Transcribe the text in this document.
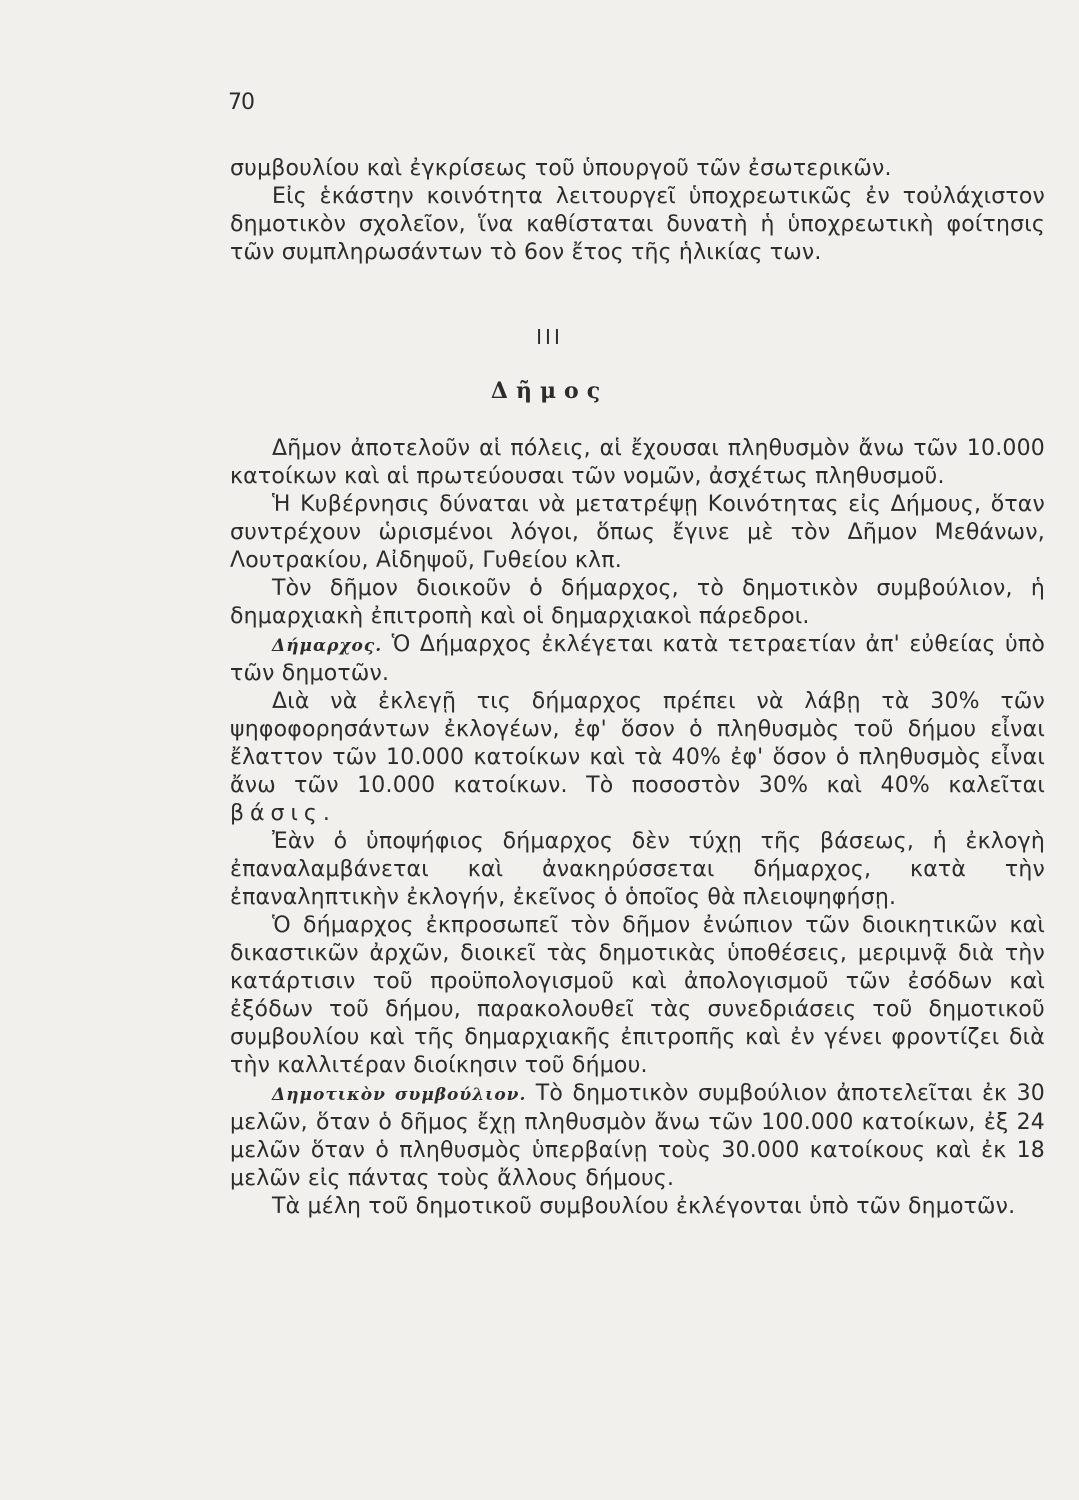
70

συμβουλίου καὶ ἐγκρίσεως τοῦ ὑπουργοῦ τῶν ἐσωτερικῶν.

Εἰς ἑκάστην κοινότητα λειτουργεῖ ὑποχρεωτικῶς ἐν τοὐλάχιστον δημοτικὸν σχολεῖον, ἵνα καθίσταται δυνατὴ ἡ ὑποχρεωτικὴ φοίτησις τῶν συμπληρωσάντων τὸ 6ον ἔτος τῆς ἡλικίας των.

ΙΙΙ
Δῆμος

Δῆμον ἀποτελοῦν αἱ πόλεις, αἱ ἔχουσαι πληθυσμὸν ἄνω τῶν 10.000 κατοίκων καὶ αἱ πρωτεύουσαι τῶν νομῶν, ἀσχέτως πληθυσμοῦ.

Ἡ Κυβέρνησις δύναται νὰ μετατρέψῃ Κοινότητας εἰς Δήμους, ὅταν συντρέχουν ὡρισμένοι λόγοι, ὅπως ἔγινε μὲ τὸν Δῆμον Μεθάνων, Λουτρακίου, Αἰδηψοῦ, Γυθείου κλπ.

Τὸν δῆμον διοικοῦν ὁ δήμαρχος, τὸ δημοτικὸν συμβούλιον, ἡ δημαρχιακὴ ἐπιτροπὴ καὶ οἱ δημαρχιακοὶ πάρεδροι.

Δήμαρχος. Ὁ Δήμαρχος ἐκλέγεται κατὰ τετραετίαν ἀπ' εὐθείας ὑπὸ τῶν δημοτῶν.

Διὰ νὰ ἐκλεγῇ τις δήμαρχος πρέπει νὰ λάβῃ τὰ 30% τῶν ψηφοφορησάντων ἐκλογέων, ἐφ' ὅσον ὁ πληθυσμὸς τοῦ δήμου εἶναι ἔλαττον τῶν 10.000 κατοίκων καὶ τὰ 40% ἐφ' ὅσον ὁ πληθυσμὸς εἶναι ἄνω τῶν 10.000 κατοίκων. Τὸ ποσοστὸν 30% καὶ 40% καλεῖται βάσις.

Ἐὰν ὁ ὑποψήφιος δήμαρχος δὲν τύχῃ τῆς βάσεως, ἡ ἐκλογὴ ἐπαναλαμβάνεται καὶ ἀνακηρύσσεται δήμαρχος, κατὰ τὴν ἐπαναληπτικὴν ἐκλογήν, ἐκεῖνος ὁ ὁποῖος θὰ πλειοψηφήσῃ.

Ὁ δήμαρχος ἐκπροσωπεῖ τὸν δῆμον ἐνώπιον τῶν διοικητικῶν καὶ δικαστικῶν ἀρχῶν, διοικεῖ τὰς δημοτικὰς ὑποθέσεις, μεριμνᾷ διὰ τὴν κατάρτισιν τοῦ προϋπολογισμοῦ καὶ ἀπολογισμοῦ τῶν ἐσόδων καὶ ἐξόδων τοῦ δήμου, παρακολουθεῖ τὰς συνεδριάσεις τοῦ δημοτικοῦ συμβουλίου καὶ τῆς δημαρχιακῆς ἐπιτροπῆς καὶ ἐν γένει φροντίζει διὰ τὴν καλλιτέραν διοίκησιν τοῦ δήμου.

Δημοτικὸν συμβούλιον. Τὸ δημοτικὸν συμβούλιον ἀποτελεῖται ἐκ 30 μελῶν, ὅταν ὁ δῆμος ἔχῃ πληθυσμὸν ἄνω τῶν 100.000 κατοίκων, ἐξ 24 μελῶν ὅταν ὁ πληθυσμὸς ὑπερβαίνῃ τοὺς 30.000 κατοίκους καὶ ἐκ 18 μελῶν εἰς πάντας τοὺς ἄλλους δήμους.

Τὰ μέλη τοῦ δημοτικοῦ συμβουλίου ἐκλέγονται ὑπὸ τῶν δημοτῶν.
